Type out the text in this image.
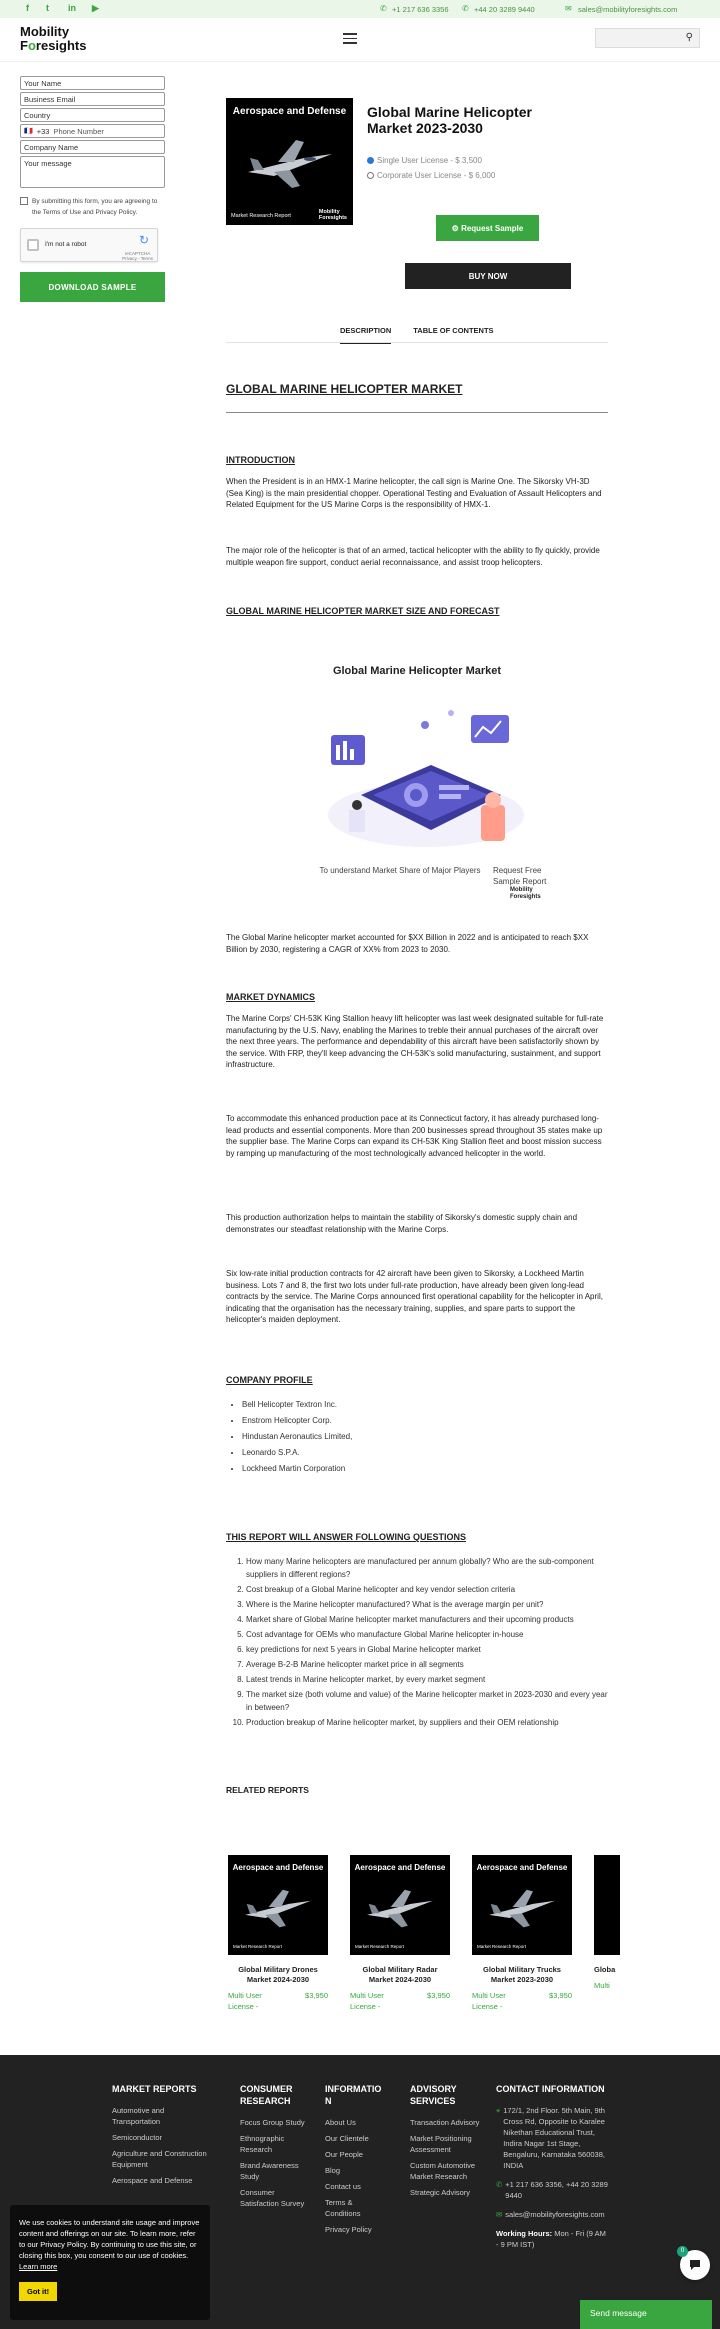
f t in ▶	✆ +1 217 636 3356 ✆ +44 20 3289 9440	✉ sales@mobilityforesights.com
Mobility
Foresights
⚲
Your Name
Business Email
Country
🇫🇷 +33 Phone Number
Company Name
Your message
By submitting this form, you are agreeing to the Terms of Use and Privacy Policy.
I'm not a robot	↻
reCAPTCHA
Privacy - Terms
DOWNLOAD SAMPLE
Aerospace and Defense
Market Research Report
Mobility
Foresights
Global Marine Helicopter Market 2023-2030
Single User License - $ 3,500
Corporate User License - $ 6,000
⚙ Request Sample
BUY NOW
DESCRIPTION	TABLE OF CONTENTS
GLOBAL MARINE HELICOPTER MARKET
INTRODUCTION
When the President is in an HMX-1 Marine helicopter, the call sign is Marine One. The Sikorsky VH-3D (Sea King) is the main presidential chopper. Operational Testing and Evaluation of Assault Helicopters and Related Equipment for the US Marine Corps is the responsibility of HMX-1.
The major role of the helicopter is that of an armed, tactical helicopter with the ability to fly quickly, provide multiple weapon fire support, conduct aerial reconnaissance, and assist troop helicopters.
GLOBAL MARINE HELICOPTER MARKET SIZE AND FORECAST
Global Marine Helicopter Market
To understand Market Share of Major Players	Request Free Sample Report
Mobility
Foresights
The Global Marine helicopter market accounted for $XX Billion in 2022 and is anticipated to reach $XX Billion by 2030, registering a CAGR of XX% from 2023 to 2030.
MARKET DYNAMICS
The Marine Corps' CH-53K King Stallion heavy lift helicopter was last week designated suitable for full-rate manufacturing by the U.S. Navy, enabling the Marines to treble their annual purchases of the aircraft over the next three years. The performance and dependability of this aircraft have been satisfactorily shown by the service. With FRP, they'll keep advancing the CH-53K's solid manufacturing, sustainment, and support infrastructure.
To accommodate this enhanced production pace at its Connecticut factory, it has already purchased long-lead products and essential components. More than 200 businesses spread throughout 35 states make up the supplier base. The Marine Corps can expand its CH-53K King Stallion fleet and boost mission success by ramping up manufacturing of the most technologically advanced helicopter in the world.
This production authorization helps to maintain the stability of Sikorsky's domestic supply chain and demonstrates our steadfast relationship with the Marine Corps.
Six low-rate initial production contracts for 42 aircraft have been given to Sikorsky, a Lockheed Martin business. Lots 7 and 8, the first two lots under full-rate production, have already been given long-lead contracts by the service. The Marine Corps announced first operational capability for the helicopter in April, indicating that the organisation has the necessary training, supplies, and spare parts to support the helicopter's maiden deployment.
COMPANY PROFILE
• Bell Helicopter Textron Inc.
• Enstrom Helicopter Corp.
• Hindustan Aeronautics Limited,
• Leonardo S.P.A.
• Lockheed Martin Corporation
THIS REPORT WILL ANSWER FOLLOWING QUESTIONS
1. How many Marine helicopters are manufactured per annum globally? Who are the sub-component suppliers in different regions?
2. Cost breakup of a Global Marine helicopter and key vendor selection criteria
3. Where is the Marine helicopter manufactured? What is the average margin per unit?
4. Market share of Global Marine helicopter market manufacturers and their upcoming products
5. Cost advantage for OEMs who manufacture Global Marine helicopter in-house
6. key predictions for next 5 years in Global Marine helicopter market
7. Average B-2-B Marine helicopter market price in all segments
8. Latest trends in Marine helicopter market, by every market segment
9. The market size (both volume and value) of the Marine helicopter market in 2023-2030 and every year in between?
10. Production breakup of Marine helicopter market, by suppliers and their OEM relationship
RELATED REPORTS
Aerospace and Defense
Market Research Report
Global Military Drones Market 2024-2030
Multi User License -
$3,950
Aerospace and Defense
Market Research Report
Global Military Radar Market 2024-2030
Multi User License -
$3,950
Aerospace and Defense
Market Research Report
Global Military Trucks Market 2023-2030
Multi User License -
$3,950
Globa
Multi
MARKET REPORTS
Automotive and Transportation
Semiconductor
Agriculture and Construction Equipment
Aerospace and Defense
CONSUMER RESEARCH
Focus Group Study
Ethnographic Research
Brand Awareness Study
Consumer Satisfaction Survey
INFORMATION
About Us
Our Clientele
Our People
Blog
Contact us
Terms & Conditions
Privacy Policy
ADVISORY SERVICES
Transaction Advisory
Market Positioning Assessment
Custom Automotive Market Research
Strategic Advisory
CONTACT INFORMATION
⌖ 172/1, 2nd Floor. 5th Main, 9th Cross Rd, Opposite to Karalee Nikethan Educational Trust, Indira Nagar 1st Stage, Bengaluru, Karnataka 560038, INDIA
✆ +1 217 636 3356, +44 20 3289 9440
✉ sales@mobilityforesights.com
Working Hours: Mon - Fri (9 AM - 9 PM IST)
We use cookies to understand site usage and improve content and offerings on our site. To learn more, refer to our Privacy Policy. By continuing to use this site, or closing this box, you consent to our use of cookies. Learn more
Got it!
0
Send message
